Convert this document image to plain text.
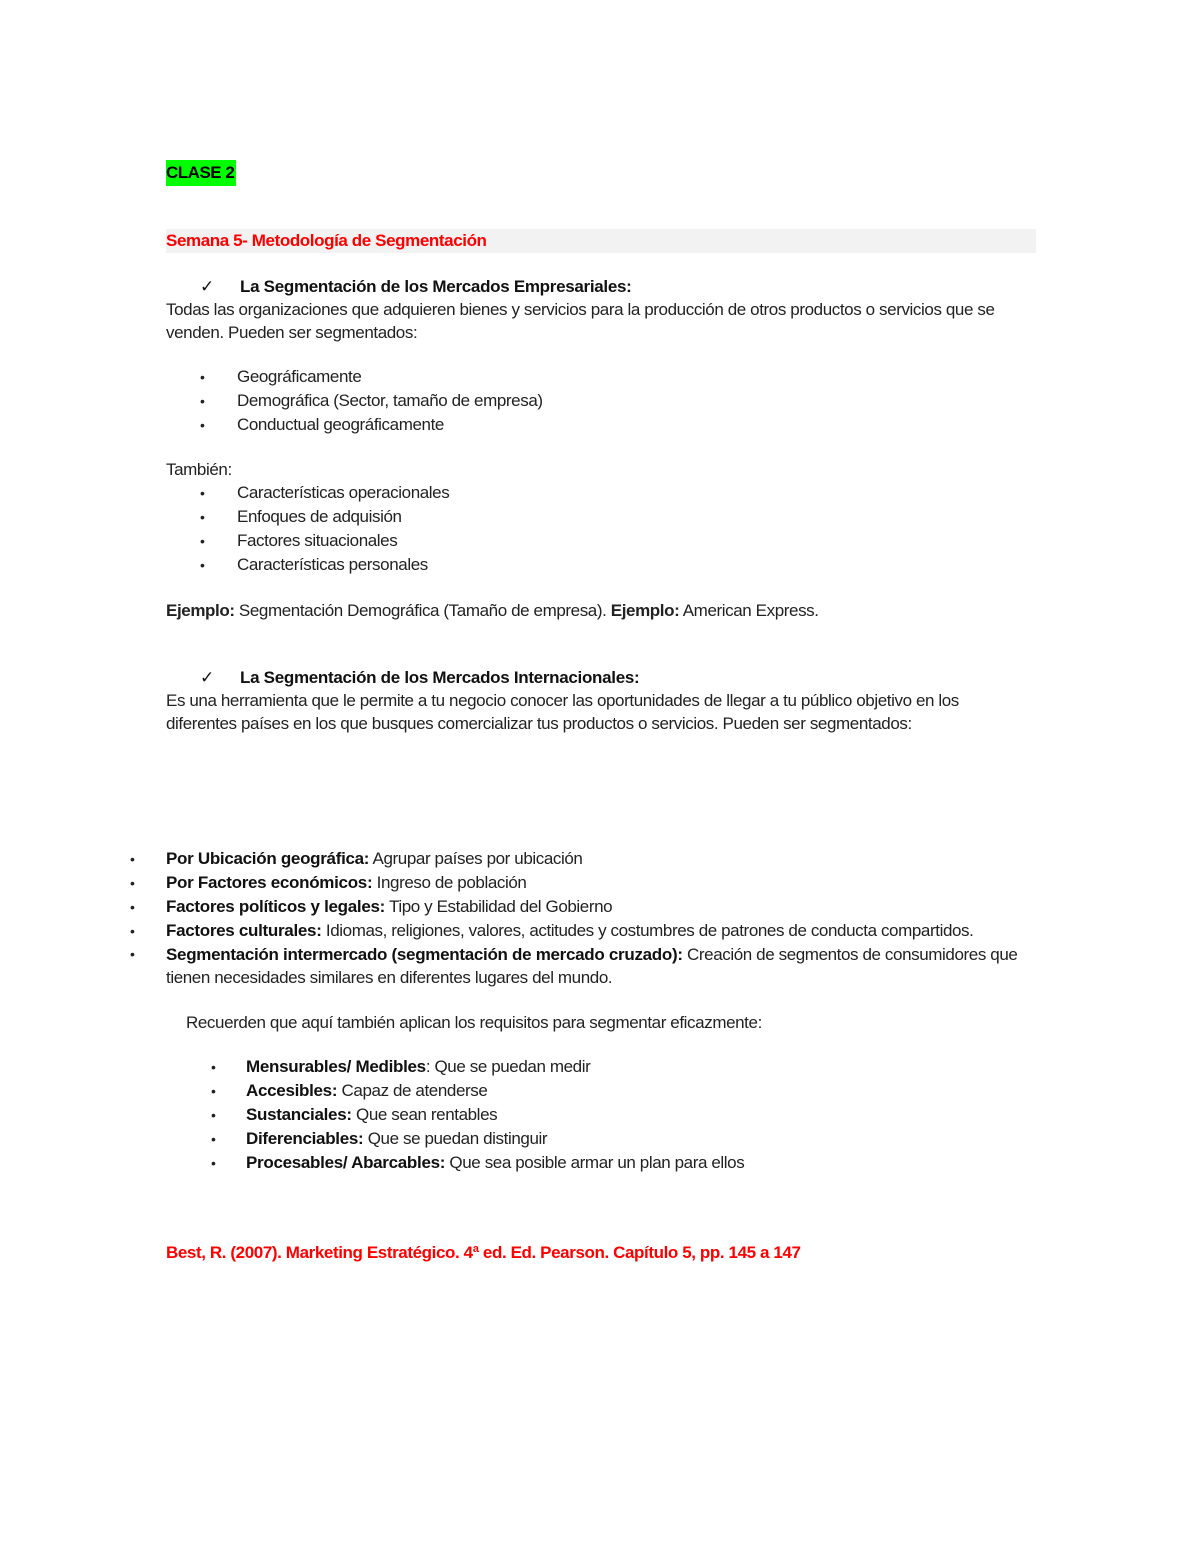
CLASE 2
Semana 5- Metodología de Segmentación
✓ La Segmentación de los Mercados Empresariales:
Todas las organizaciones que adquieren bienes y servicios para la producción de otros productos o servicios que se venden. Pueden ser segmentados:
• Geográficamente
• Demográfica (Sector, tamaño de empresa)
• Conductual geográficamente
También:
• Características operacionales
• Enfoques de adquisión
• Factores situacionales
• Características personales
Ejemplo: Segmentación Demográfica (Tamaño de empresa). Ejemplo: American Express.
✓ La Segmentación de los Mercados Internacionales:
Es una herramienta que le permite a tu negocio conocer las oportunidades de llegar a tu público objetivo en los diferentes países en los que busques comercializar tus productos o servicios. Pueden ser segmentados:
• Por Ubicación geográfica: Agrupar países por ubicación
• Por Factores económicos: Ingreso de población
• Factores políticos y legales: Tipo y Estabilidad del Gobierno
• Factores culturales: Idiomas, religiones, valores, actitudes y costumbres de patrones de conducta compartidos.
• Segmentación intermercado (segmentación de mercado cruzado): Creación de segmentos de consumidores que tienen necesidades similares en diferentes lugares del mundo.
Recuerden que aquí también aplican los requisitos para segmentar eficazmente:
• Mensurables/ Medibles: Que se puedan medir
• Accesibles: Capaz de atenderse
• Sustanciales: Que sean rentables
• Diferenciables: Que se puedan distinguir
• Procesables/ Abarcables: Que sea posible armar un plan para ellos
Best, R. (2007). Marketing Estratégico. 4ª ed. Ed. Pearson. Capítulo 5, pp. 145 a 147
